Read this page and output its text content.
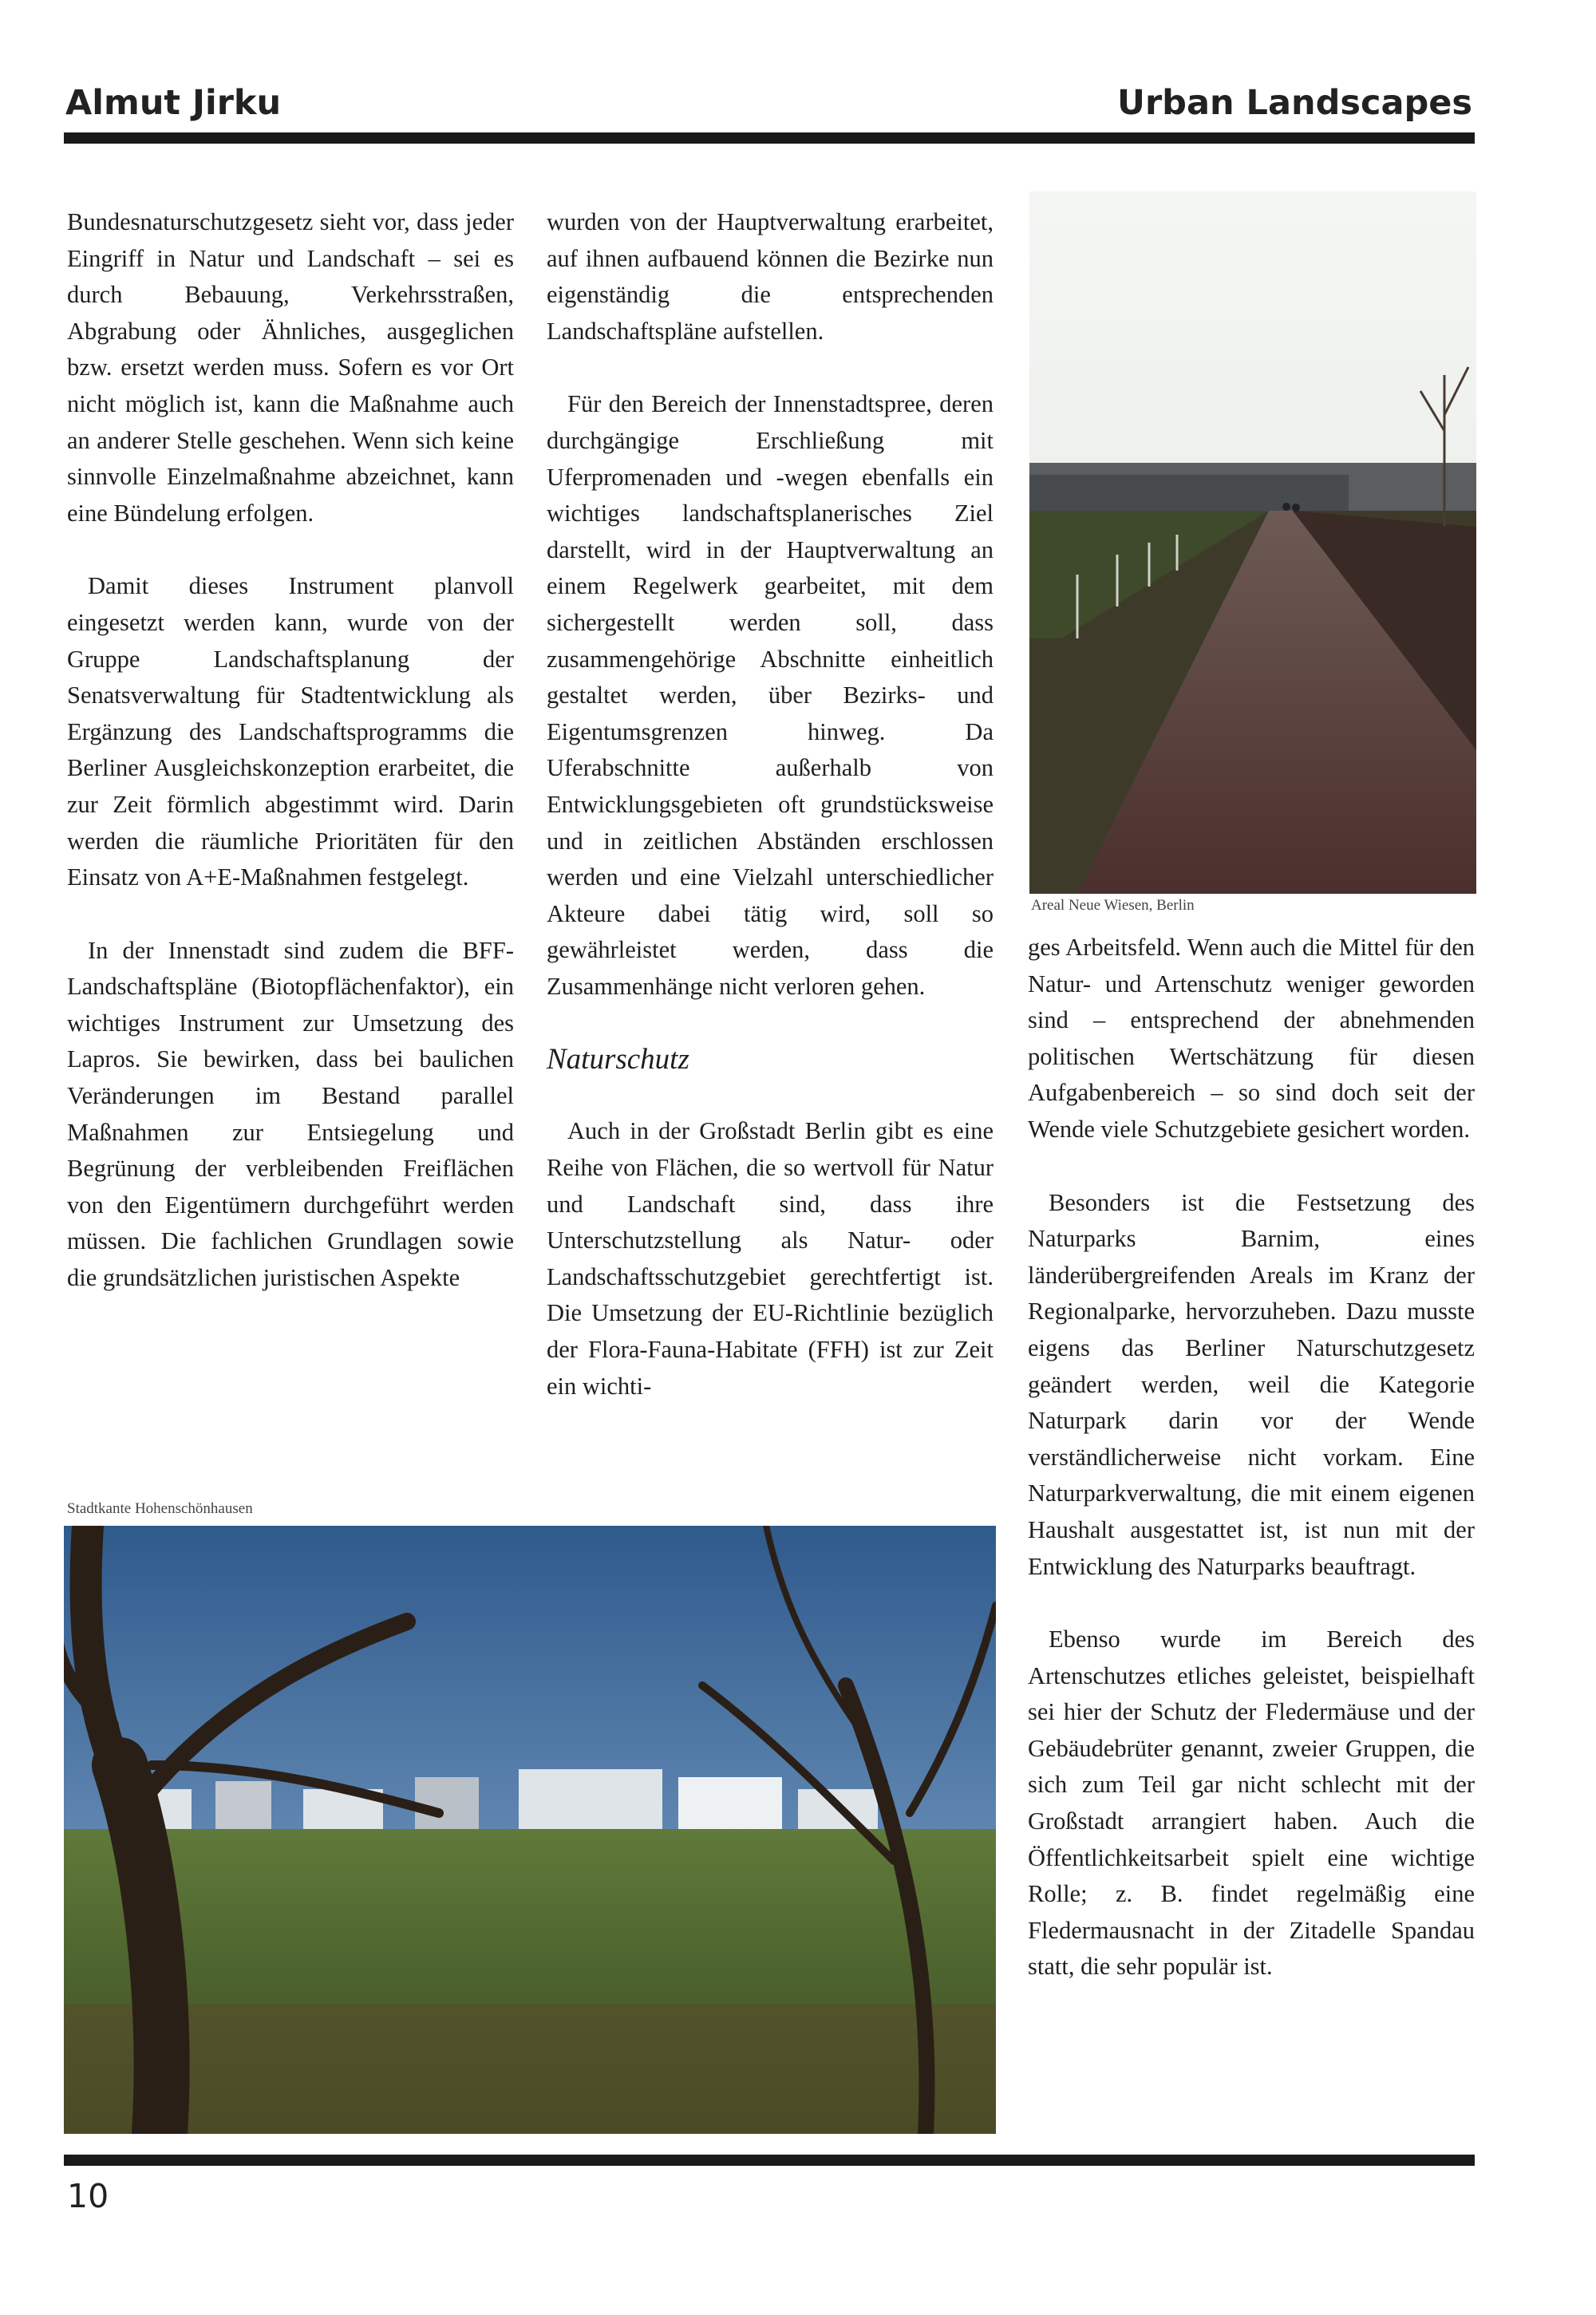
Almut Jirku	Urban Landscapes

Bundesnaturschutzgesetz sieht vor, dass jeder Eingriff in Natur und Landschaft – sei es durch Bebauung, Verkehrsstraßen, Abgrabung oder Ähnliches, ausgeglichen bzw. ersetzt werden muss. Sofern es vor Ort nicht möglich ist, kann die Maßnahme auch an anderer Stelle geschehen. Wenn sich keine sinnvolle Einzelmaßnahme abzeichnet, kann eine Bündelung erfolgen.

Damit dieses Instrument planvoll eingesetzt werden kann, wurde von der Gruppe Landschaftsplanung der Senatsverwaltung für Stadtentwicklung als Ergänzung des Landschaftsprogramms die Berliner Ausgleichskonzeption erarbeitet, die zur Zeit förmlich abgestimmt wird. Darin werden die räumliche Prioritäten für den Einsatz von A+E-Maßnahmen festgelegt.

In der Innenstadt sind zudem die BFF-Landschaftspläne (Biotopflächenfaktor), ein wichtiges Instrument zur Umsetzung des Lapros. Sie bewirken, dass bei baulichen Veränderungen im Bestand parallel Maßnahmen zur Entsiegelung und Begrünung der verbleibenden Freiflächen von den Eigentümern durchgeführt werden müssen. Die fachlichen Grundlagen sowie die grundsätzlichen juristischen Aspekte

wurden von der Hauptverwaltung erarbeitet, auf ihnen aufbauend können die Bezirke nun eigenständig die entsprechenden Landschaftspläne aufstellen.

Für den Bereich der Innenstadtspree, deren durchgängige Erschließung mit Uferpromenaden und -wegen ebenfalls ein wichtiges landschaftsplanerisches Ziel darstellt, wird in der Hauptverwaltung an einem Regelwerk gearbeitet, mit dem sichergestellt werden soll, dass zusammengehörige Abschnitte einheitlich gestaltet werden, über Bezirks- und Eigentumsgrenzen hinweg. Da Uferabschnitte außerhalb von Entwicklungsgebieten oft grundstücksweise und in zeitlichen Abständen erschlossen werden und eine Vielzahl unterschiedlicher Akteure dabei tätig wird, soll so gewährleistet werden, dass die Zusammenhänge nicht verloren gehen.

Naturschutz

Auch in der Großstadt Berlin gibt es eine Reihe von Flächen, die so wertvoll für Natur und Landschaft sind, dass ihre Unterschutzstellung als Natur- oder Landschaftsschutzgebiet gerechtfertigt ist. Die Umsetzung der EU-Richtlinie bezüglich der Flora-Fauna-Habitate (FFH) ist zur Zeit ein wichti-

Areal Neue Wiesen, Berlin

ges Arbeitsfeld. Wenn auch die Mittel für den Natur- und Artenschutz weniger geworden sind – entsprechend der abnehmenden politischen Wertschätzung für diesen Aufgabenbereich – so sind doch seit der Wende viele Schutzgebiete gesichert worden.

Besonders ist die Festsetzung des Naturparks Barnim, eines länderübergreifenden Areals im Kranz der Regionalparke, hervorzuheben. Dazu musste eigens das Berliner Naturschutzgesetz geändert werden, weil die Kategorie Naturpark darin vor der Wende verständlicherweise nicht vorkam. Eine Naturparkverwaltung, die mit einem eigenen Haushalt ausgestattet ist, ist nun mit der Entwicklung des Naturparks beauftragt.

Ebenso wurde im Bereich des Artenschutzes etliches geleistet, beispielhaft sei hier der Schutz der Fledermäuse und der Gebäudebrüter genannt, zweier Gruppen, die sich zum Teil gar nicht schlecht mit der Großstadt arrangiert haben. Auch die Öffentlichkeitsarbeit spielt eine wichtige Rolle; z. B. findet regelmäßig eine Fledermausnacht in der Zitadelle Spandau statt, die sehr populär ist.

Stadtkante Hohenschönhausen

10
